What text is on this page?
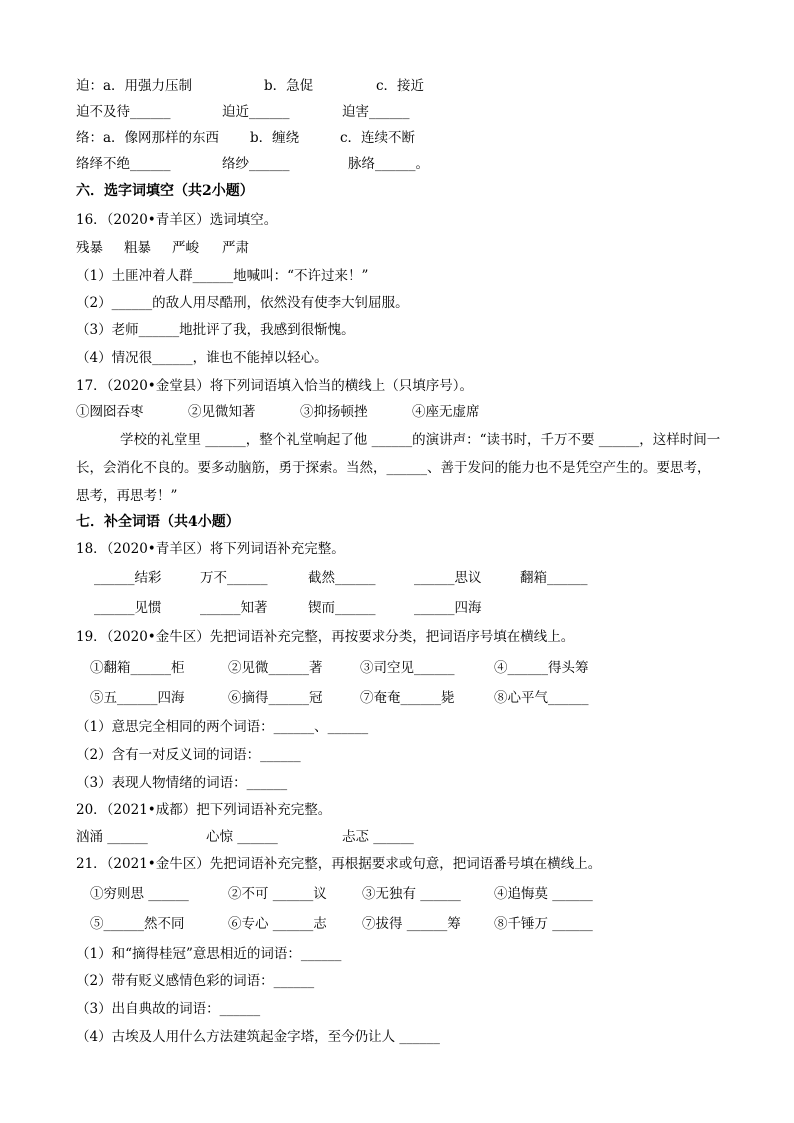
迫：a．用强力压制	b．急促	c．接近
迫不及待______	迫近______	迫害______
络：a．像网那样的东西 b．缠绕	c．连续不断
络绎不绝______	络纱______	脉络______。
六．选字词填空（共2小题）
16．（2020•青羊区）选词填空。
残暴 粗暴 严峻 严肃
（1）土匪冲着人群______地喊叫：“不许过来！”
（2）______的敌人用尽酷刑，依然没有使李大钊屈服。
（3）老师______地批评了我，我感到很惭愧。
（4）情况很______，谁也不能掉以轻心。
17．（2020•金堂县）将下列词语填入恰当的横线上（只填序号）。
①囫囵吞枣	②见微知著	③抑扬顿挫	④座无虚席
学校的礼堂里 ______，整个礼堂响起了他 ______的演讲声：“读书时，千万不要 ______，这样时间一长，会消化不良的。要多动脑筋，勇于探索。当然，______、善于发问的能力也不是凭空产生的。要思考，思考，再思考！”
七．补全词语（共4小题）
18．（2020•青羊区）将下列词语补充完整。
______结彩	万不______	截然______	______思议	翻箱______
______见惯	______知著	锲而______	______四海
19．（2020•金牛区）先把词语补充完整，再按要求分类，把词语序号填在横线上。
①翻箱______柜	②见微______著	③司空见______	④______得头筹
⑤五______四海	⑥摘得______冠	⑦奄奄______毙	⑧心平气______
（1）意思完全相同的两个词语：______、______
（2）含有一对反义词的词语：______
（3）表现人物情绪的词语：______
20．（2021•成都）把下列词语补充完整。
汹涌 ______	心惊 ______	忐忑 ______
21．（2021•金牛区）先把词语补充完整，再根据要求或句意，把词语番号填在横线上。
①穷则思 ______	②不可 ______议	③无独有 ______ ④追悔莫 ______
⑤______然不同	⑥专心 ______志	⑦拔得 ______筹 ⑧千锤万 ______
（1）和“摘得桂冠”意思相近的词语：______
（2）带有贬义感情色彩的词语：______
（3）出自典故的词语：______
（4）古埃及人用什么方法建筑起金字塔，至今仍让人 ______
